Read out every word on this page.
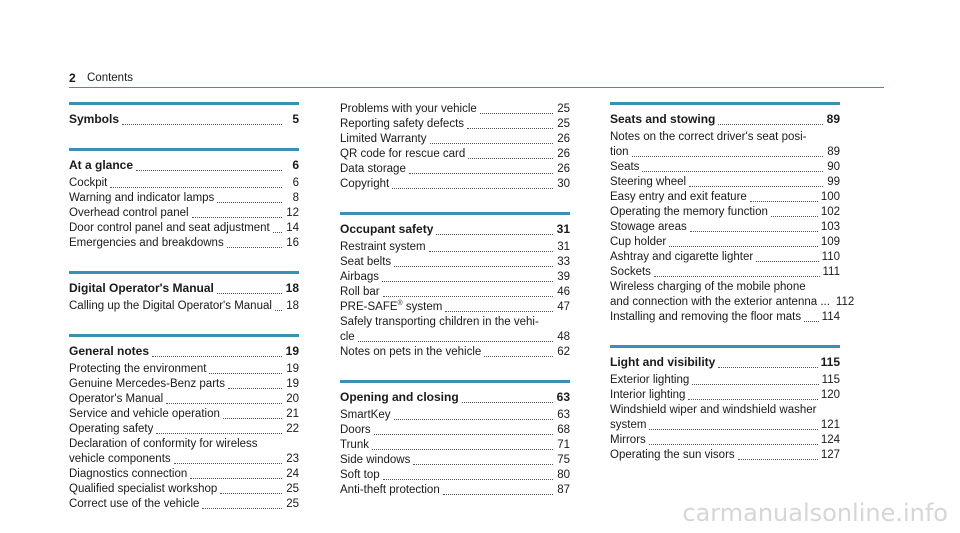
2 Contents
Symbols	5
At a glance	6
Cockpit	6
Warning and indicator lamps	8
Overhead control panel	12
Door control panel and seat adjustment 14
Emergencies and breakdowns	16
Digital Operator's Manual	18
Calling up the Digital Operator's Manual 18
General notes	19
Protecting the environment	19
Genuine Mercedes-Benz parts	19
Operator's Manual	20
Service and vehicle operation	21
Operating safety	22
Declaration of conformity for wireless
vehicle components	23
Diagnostics connection	24
Qualified specialist workshop	25
Correct use of the vehicle	25
Problems with your vehicle	25
Reporting safety defects	25
Limited Warranty	26
QR code for rescue card	26
Data storage	26
Copyright	30
Occupant safety	31
Restraint system	31
Seat belts	33
Airbags	39
Roll bar	46
PRE-SAFE® system	47
Safely transporting children in the vehi-
cle	48
Notes on pets in the vehicle	62
Opening and closing	63
SmartKey	63
Doors	68
Trunk	71
Side windows	75
Soft top	80
Anti-theft protection	87
Seats and stowing	89
Notes on the correct driver's seat posi-
tion	89
Seats	90
Steering wheel	99
Easy entry and exit feature	100
Operating the memory function	102
Stowage areas	103
Cup holder	109
Ashtray and cigarette lighter	110
Sockets	111
Wireless charging of the mobile phone
and connection with the exterior antenna ... 112
Installing and removing the floor mats 114
Light and visibility	115
Exterior lighting	115
Interior lighting	120
Windshield wiper and windshield washer
system	121
Mirrors	124
Operating the sun visors	127
carmanualsonline.info
